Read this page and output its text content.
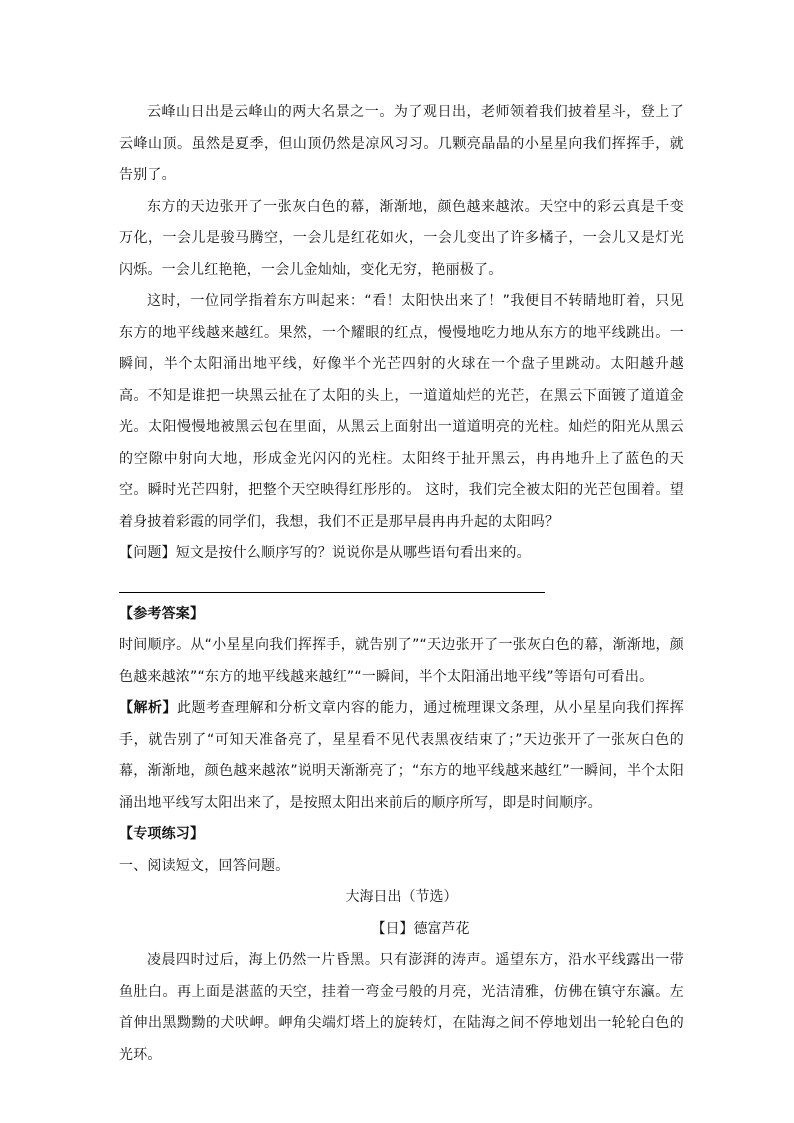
云峰山日出是云峰山的两大名景之一。为了观日出，老师领着我们披着星斗，登上了云峰山顶。虽然是夏季，但山顶仍然是凉风习习。几颗亮晶晶的小星星向我们挥挥手，就告别了。

东方的天边张开了一张灰白色的幕，渐渐地，颜色越来越浓。天空中的彩云真是千变万化，一会儿是骏马腾空，一会儿是红花如火，一会儿变出了许多橘子，一会儿又是灯光闪烁。一会儿红艳艳，一会儿金灿灿，变化无穷，艳丽极了。

这时，一位同学指着东方叫起来：“看！太阳快出来了！”我便目不转睛地盯着，只见东方的地平线越来越红。果然，一个耀眼的红点，慢慢地吃力地从东方的地平线跳出。一瞬间，半个太阳涌出地平线，好像半个光芒四射的火球在一个盘子里跳动。太阳越升越高。不知是谁把一块黑云扯在了太阳的头上，一道道灿烂的光芒，在黑云下面镀了道道金光。太阳慢慢地被黑云包在里面，从黑云上面射出一道道明亮的光柱。灿烂的阳光从黑云的空隙中射向大地，形成金光闪闪的光柱。太阳终于扯开黑云，冉冉地升上了蓝色的天空。瞬时光芒四射，把整个天空映得红彤彤的。 这时，我们完全被太阳的光芒包围着。望着身披着彩霞的同学们，我想，我们不正是那早晨冉冉升起的太阳吗？

【问题】短文是按什么顺序写的？说说你是从哪些语句看出来的。

【参考答案】

时间顺序。从“小星星向我们挥挥手，就告别了”“天边张开了一张灰白色的幕，渐渐地，颜色越来越浓”“东方的地平线越来越红”“一瞬间，半个太阳涌出地平线”等语句可看出。

【解析】此题考查理解和分析文章内容的能力，通过梳理课文条理，从小星星向我们挥挥手，就告别了“可知天准备亮了，星星看不见代表黑夜结束了；”天边张开了一张灰白色的幕，渐渐地，颜色越来越浓”说明天渐渐亮了；“东方的地平线越来越红”一瞬间，半个太阳涌出地平线写太阳出来了，是按照太阳出来前后的顺序所写，即是时间顺序。

【专项练习】

一、阅读短文，回答问题。

大海日出（节选）

【日】德富芦花

凌晨四时过后，海上仍然一片昏黑。只有澎湃的涛声。遥望东方，沿水平线露出一带鱼肚白。再上面是湛蓝的天空，挂着一弯金弓般的月亮，光洁清雅，仿佛在镇守东瀛。左首伸出黑黝黝的犬吠岬。岬角尖端灯塔上的旋转灯，在陆海之间不停地划出一轮轮白色的光环。
